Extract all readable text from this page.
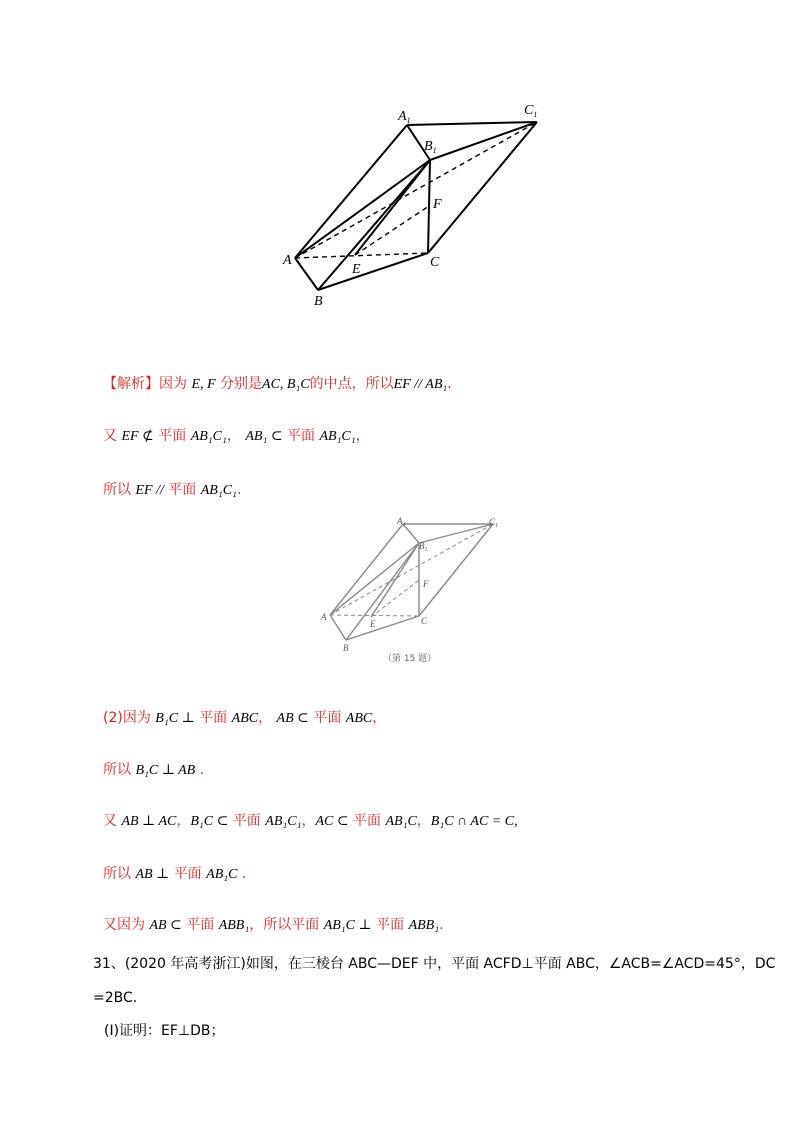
$A_1$
$C_1$
$B_1$
F
A
E	C
B
【解析】因为 E, F 分别是AC, B₁C的中点，所以EF // AB₁.
又 EF ⊄ 平面 AB₁C₁， AB₁ ⊂ 平面 AB₁C₁，
所以 EF // 平面 AB₁C₁.
$A_1$	$C_1$
$B_1$
F
A
E	C
B
（第 15 题）
(2)因为 B₁C ⊥ 平面 ABC， AB ⊂ 平面 ABC，
所以 B₁C ⊥ AB .
又 AB ⊥ AC，B₁C ⊂ 平面 AB₁C₁，AC ⊂ 平面 AB₁C，B₁C ∩ AC = C,
所以 AB ⊥ 平面 AB₁C .
又因为 AB ⊂ 平面 ABB₁，所以平面 AB₁C ⊥ 平面 ABB₁.
31、(2020 年高考浙江)如图，在三棱台 ABC—DEF 中，平面 ACFD⊥平面 ABC，∠ACB=∠ACD=45°，DC
=2BC．
(Ⅰ)证明：EF⊥DB；
